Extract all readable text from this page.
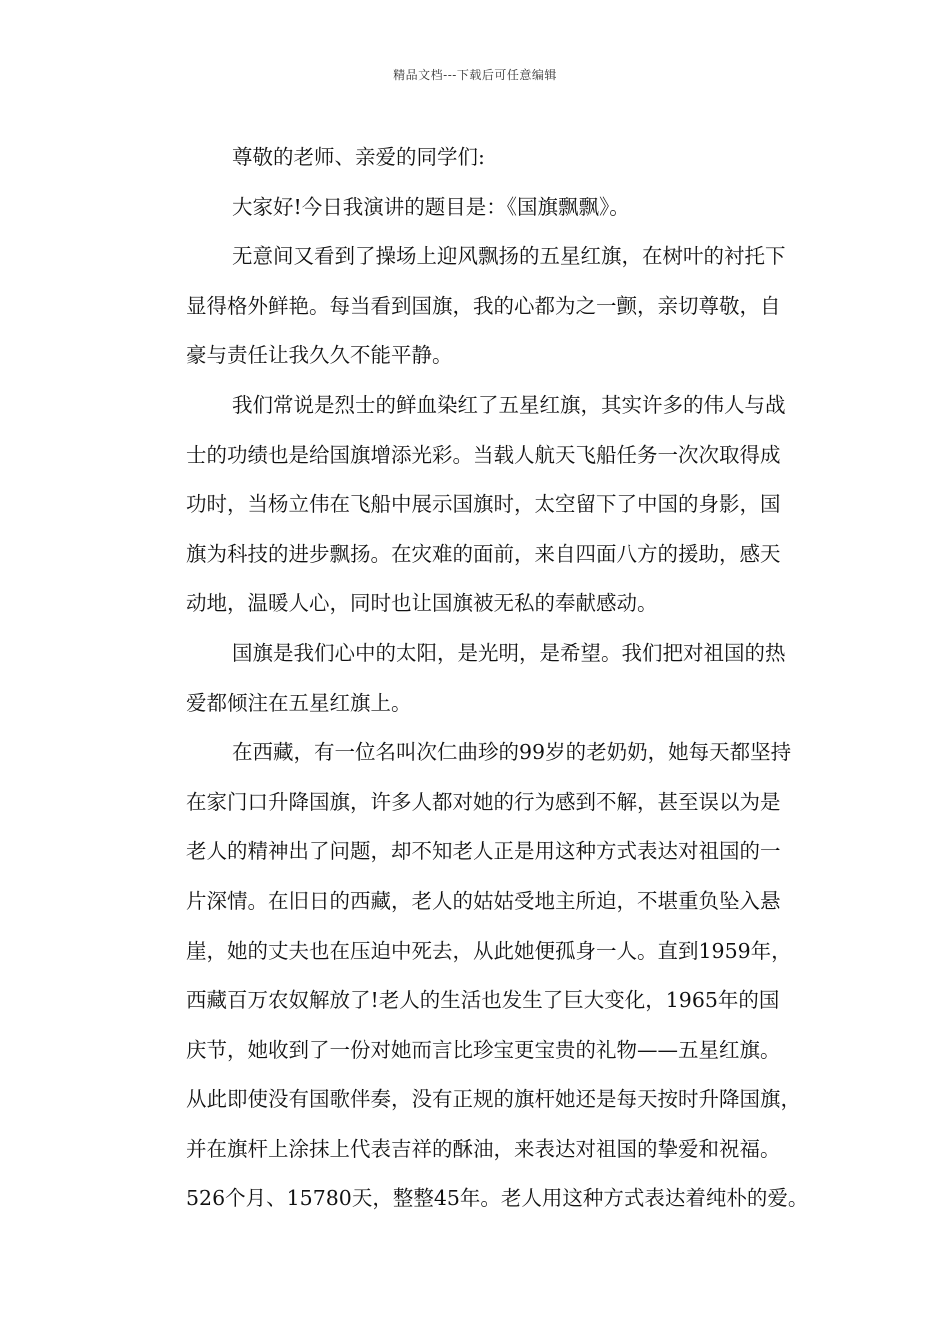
精品文档---下载后可任意编辑
尊敬的老师、亲爱的同学们:
大家好!今日我演讲的题目是：《国旗飘飘》。
无意间又看到了操场上迎风飘扬的五星红旗，在树叶的衬托下
显得格外鲜艳。每当看到国旗，我的心都为之一颤，亲切尊敬，自
豪与责任让我久久不能平静。
我们常说是烈士的鲜血染红了五星红旗，其实许多的伟人与战
士的功绩也是给国旗增添光彩。当载人航天飞船任务一次次取得成
功时，当杨立伟在飞船中展示国旗时，太空留下了中国的身影，国
旗为科技的进步飘扬。在灾难的面前，来自四面八方的援助，感天
动地，温暖人心，同时也让国旗被无私的奉献感动。
国旗是我们心中的太阳，是光明，是希望。我们把对祖国的热
爱都倾注在五星红旗上。
在西藏，有一位名叫次仁曲珍的99岁的老奶奶，她每天都坚持
在家门口升降国旗，许多人都对她的行为感到不解，甚至误以为是
老人的精神出了问题，却不知老人正是用这种方式表达对祖国的一
片深情。在旧日的西藏，老人的姑姑受地主所迫，不堪重负坠入悬
崖，她的丈夫也在压迫中死去，从此她便孤身一人。直到1959年，
西藏百万农奴解放了!老人的生活也发生了巨大变化，1965年的国
庆节，她收到了一份对她而言比珍宝更宝贵的礼物——五星红旗。
从此即使没有国歌伴奏，没有正规的旗杆她还是每天按时升降国旗，
并在旗杆上涂抹上代表吉祥的酥油，来表达对祖国的挚爱和祝福。
526个月、15780天，整整45年。老人用这种方式表达着纯朴的爱。
